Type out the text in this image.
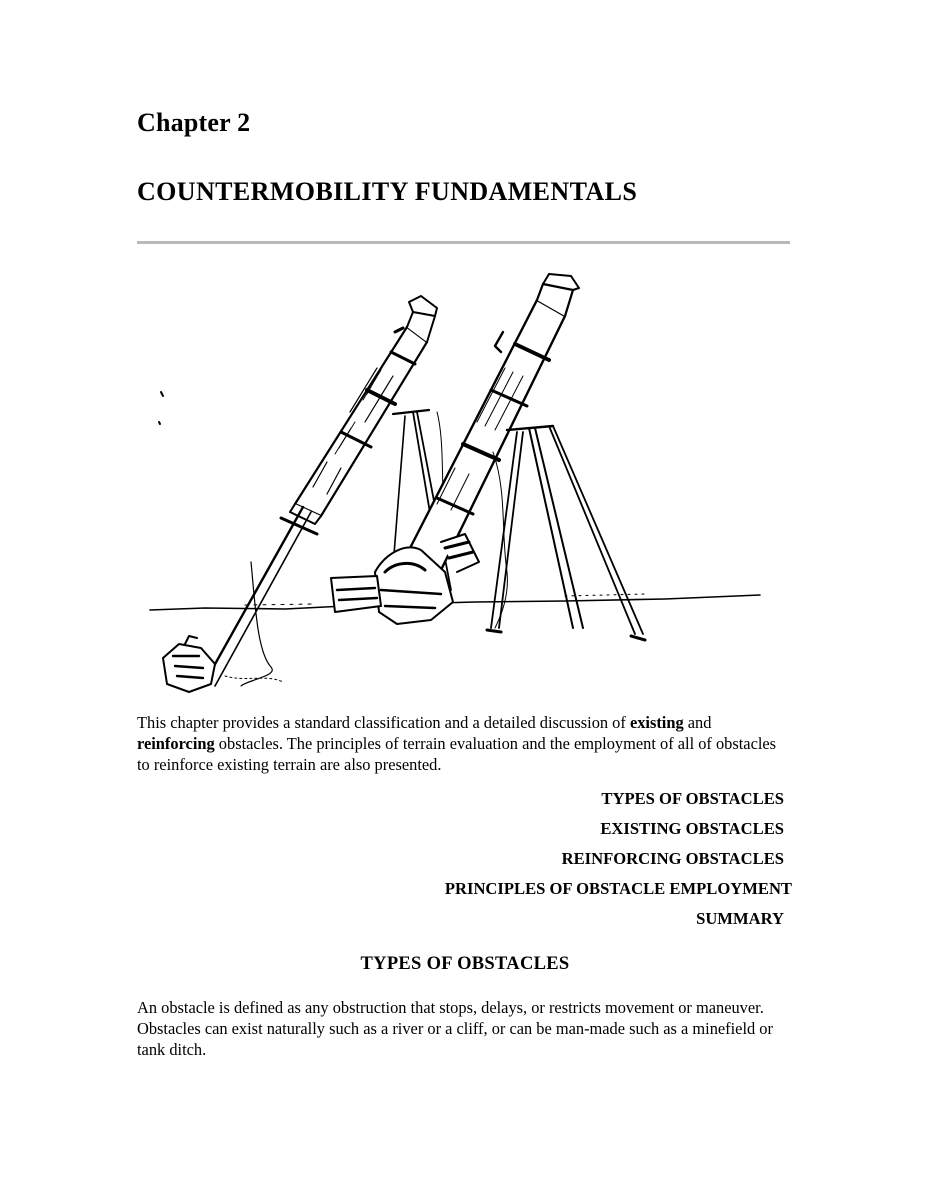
Chapter 2
COUNTERMOBILITY FUNDAMENTALS
This chapter provides a standard classification and a detailed discussion of existing and reinforcing obstacles. The principles of terrain evaluation and the employment of all of obstacles to reinforce existing terrain are also presented.
TYPES OF OBSTACLES
EXISTING OBSTACLES
REINFORCING OBSTACLES
PRINCIPLES OF OBSTACLE EMPLOYMENT
SUMMARY
TYPES OF OBSTACLES
An obstacle is defined as any obstruction that stops, delays, or restricts movement or maneuver. Obstacles can exist naturally such as a river or a cliff, or can be man-made such as a minefield or tank ditch.
